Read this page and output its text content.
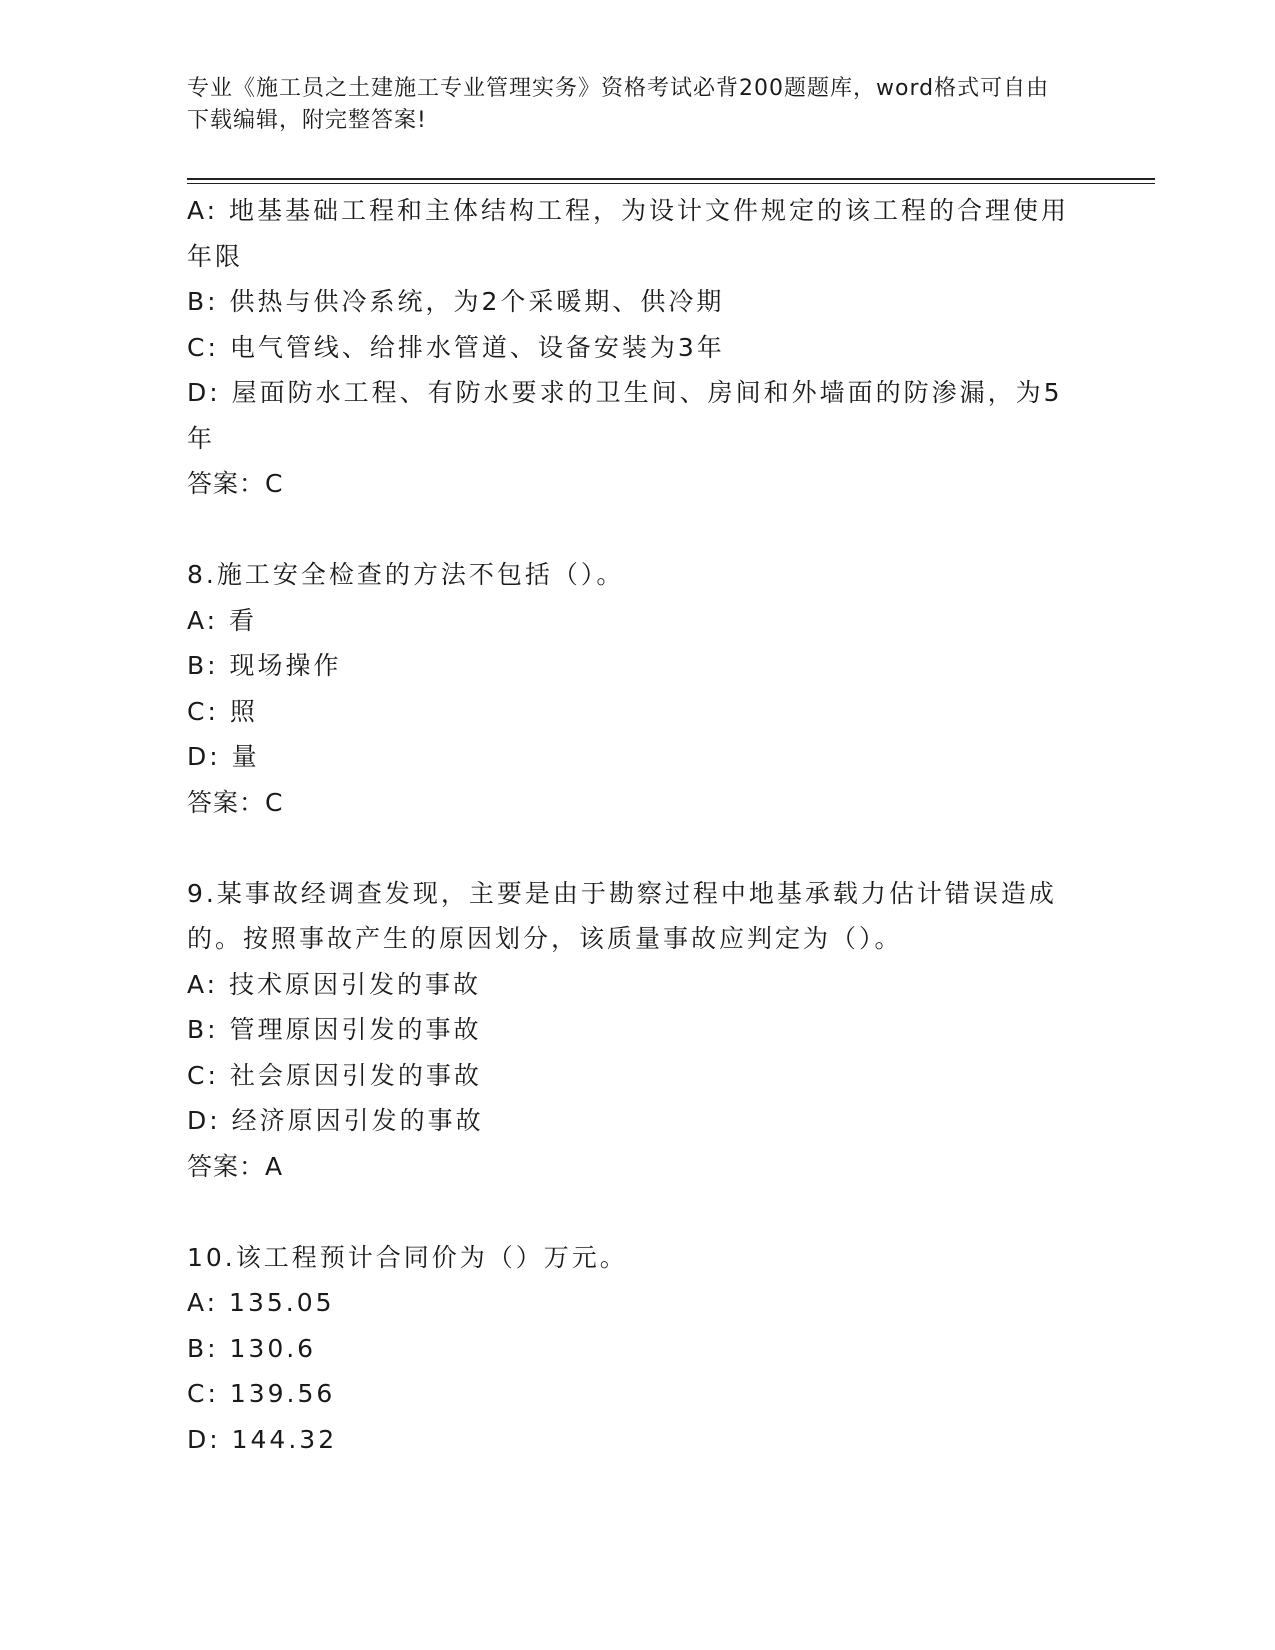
专业《施工员之土建施工专业管理实务》资格考试必背200题题库，word格式可自由下载编辑，附完整答案!
A: 地基基础工程和主体结构工程，为设计文件规定的该工程的合理使用年限
B: 供热与供冷系统，为2个采暖期、供冷期
C: 电气管线、给排水管道、设备安装为3年
D: 屋面防水工程、有防水要求的卫生间、房间和外墙面的防渗漏，为5年
答案：C
8.施工安全检查的方法不包括（）。
A: 看
B: 现场操作
C: 照
D: 量
答案：C
9.某事故经调查发现，主要是由于勘察过程中地基承载力估计错误造成的。按照事故产生的原因划分，该质量事故应判定为（）。
A: 技术原因引发的事故
B: 管理原因引发的事故
C: 社会原因引发的事故
D: 经济原因引发的事故
答案：A
10.该工程预计合同价为（）万元。
A: 135.05
B: 130.6
C: 139.56
D: 144.32
